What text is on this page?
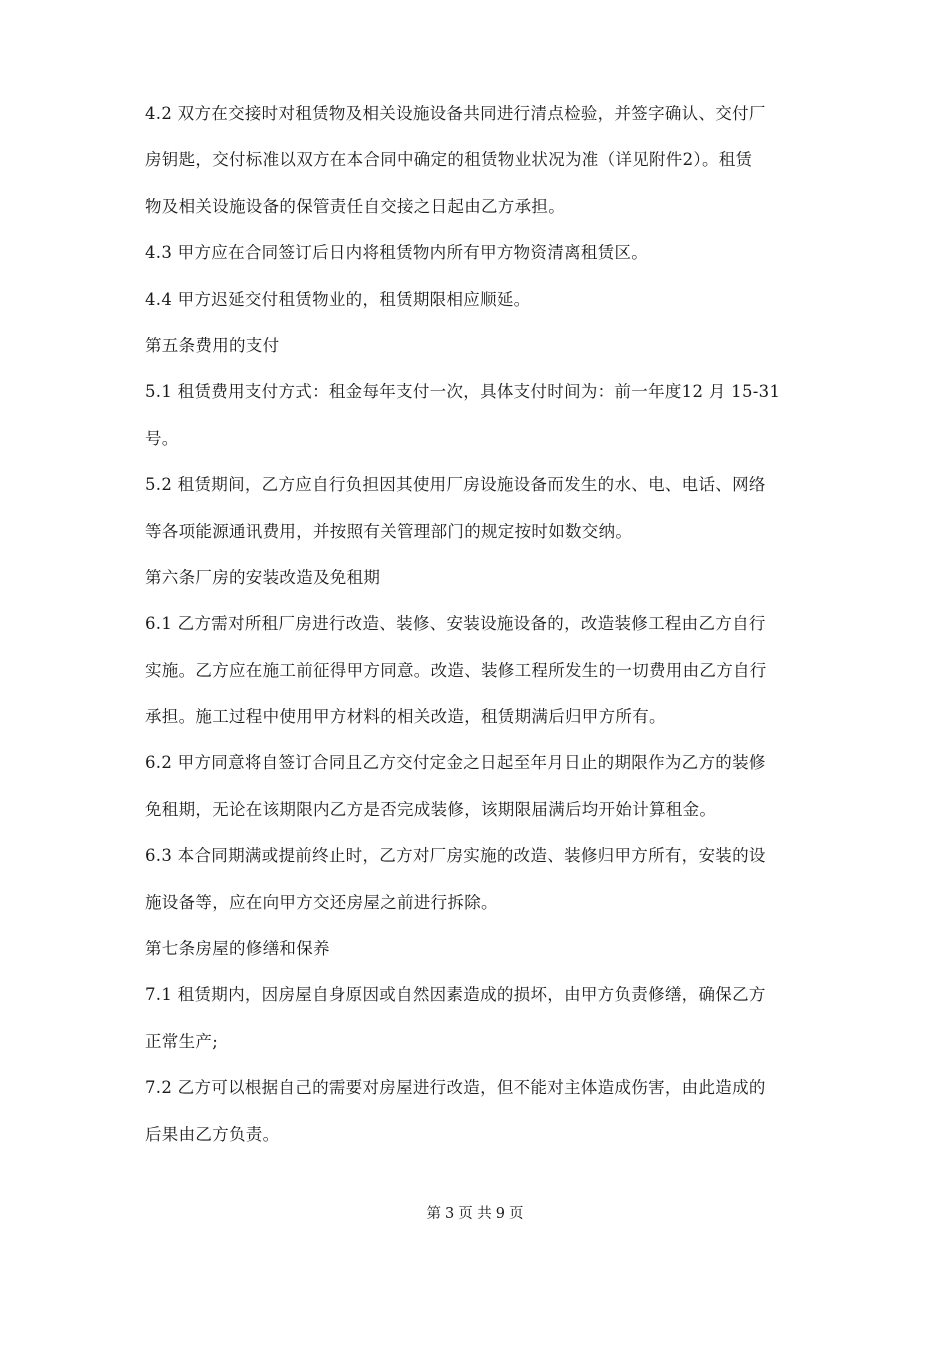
4.2 双方在交接时对租赁物及相关设施设备共同进行清点检验，并签字确认、交付厂
房钥匙，交付标准以双方在本合同中确定的租赁物业状况为准（详见附件2）。租赁
物及相关设施设备的保管责任自交接之日起由乙方承担。
4.3 甲方应在合同签订后日内将租赁物内所有甲方物资清离租赁区。
4.4 甲方迟延交付租赁物业的，租赁期限相应顺延。
第五条费用的支付
5.1 租赁费用支付方式：租金每年支付一次，具体支付时间为：前一年度12 月 15-31
号。
5.2 租赁期间，乙方应自行负担因其使用厂房设施设备而发生的水、电、电话、网络
等各项能源通讯费用，并按照有关管理部门的规定按时如数交纳。
第六条厂房的安装改造及免租期
6.1 乙方需对所租厂房进行改造、装修、安装设施设备的，改造装修工程由乙方自行
实施。乙方应在施工前征得甲方同意。改造、装修工程所发生的一切费用由乙方自行
承担。施工过程中使用甲方材料的相关改造，租赁期满后归甲方所有。
6.2 甲方同意将自签订合同且乙方交付定金之日起至年月日止的期限作为乙方的装修
免租期，无论在该期限内乙方是否完成装修，该期限届满后均开始计算租金。
6.3 本合同期满或提前终止时，乙方对厂房实施的改造、装修归甲方所有，安装的设
施设备等，应在向甲方交还房屋之前进行拆除。
第七条房屋的修缮和保养
7.1 租赁期内，因房屋自身原因或自然因素造成的损坏，由甲方负责修缮，确保乙方
正常生产;
7.2 乙方可以根据自己的需要对房屋进行改造，但不能对主体造成伤害，由此造成的
后果由乙方负责。
第 3 页 共 9 页
